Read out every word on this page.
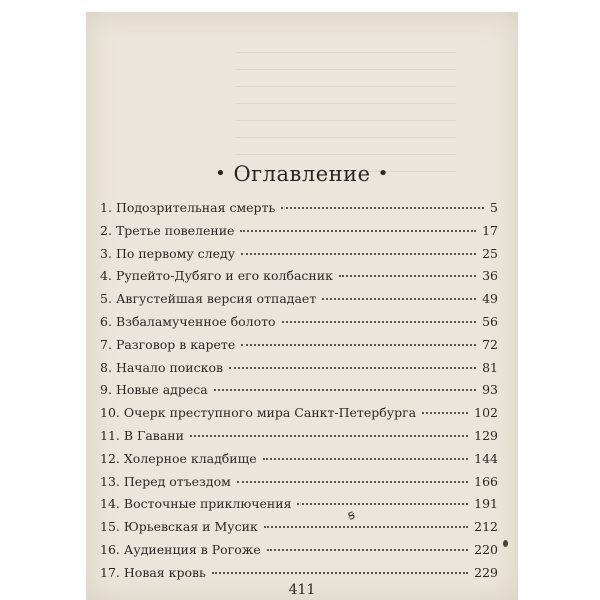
• Оглавление •
1. Подозрительная смерть	5
2. Третье повеление	17
3. По первому следу	25
4. Рупейто-Дубяго и его колбасник	36
5. Августейшая версия отпадает	49
6. Взбаламученное болото	56
7. Разговор в карете	72
8. Начало поисков	81
9. Новые адреса	93
10. Очерк преступного мира Санкт-Петербурга	102
11. В Гавани	129
12. Холерное кладбище	144
13. Перед отъездом	166
14. Восточные приключения	191
15. Юрьевская и Мусик	212
16. Аудиенция в Рогоже	220
17. Новая кровь	229
ꞩ
411
